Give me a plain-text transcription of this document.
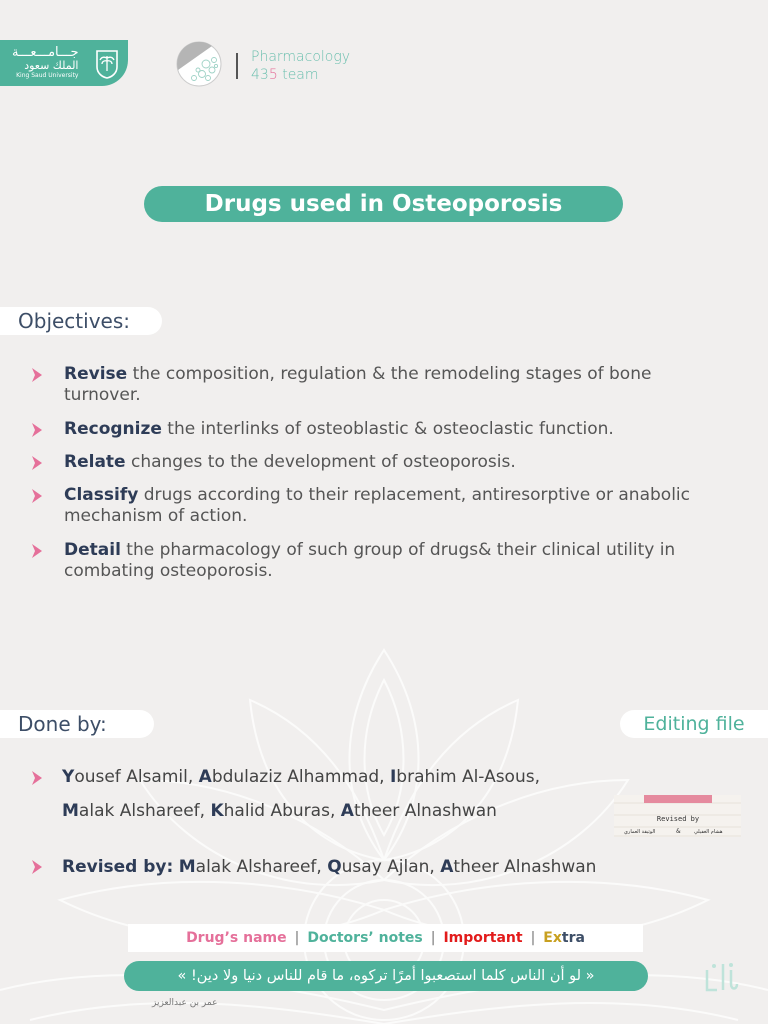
جـــامـــعـــة
الملك سعود
King Saud University
Pharmacology
435 team
Drugs used in Osteoporosis
Objectives:
Revise the composition, regulation & the remodeling stages of bone turnover.
Recognize the interlinks of osteoblastic & osteoclastic function.
Relate changes to the development of osteoporosis.
Classify drugs according to their replacement, antiresorptive or anabolic mechanism of action.
Detail the pharmacology of such group of drugs& their clinical utility in combating osteoporosis.
Done by:	Editing file
Yousef Alsamil, Abdulaziz Alhammad, Ibrahim Al-Asous,
Malak Alshareef, Khalid Aburas, Atheer Alnashwan	Revised by
الوثيقة العماري	&	هشام الغفيلي
Revised by: Malak Alshareef, Qusay Ajlan, Atheer Alnashwan
Drug’s name | Doctors’ notes | Important | Extra
« لو أن الناس كلما استصعبوا أمرًا تركوه، ما قام للناس دنيا ولا دين! »
عمر بن عبدالعزيز
